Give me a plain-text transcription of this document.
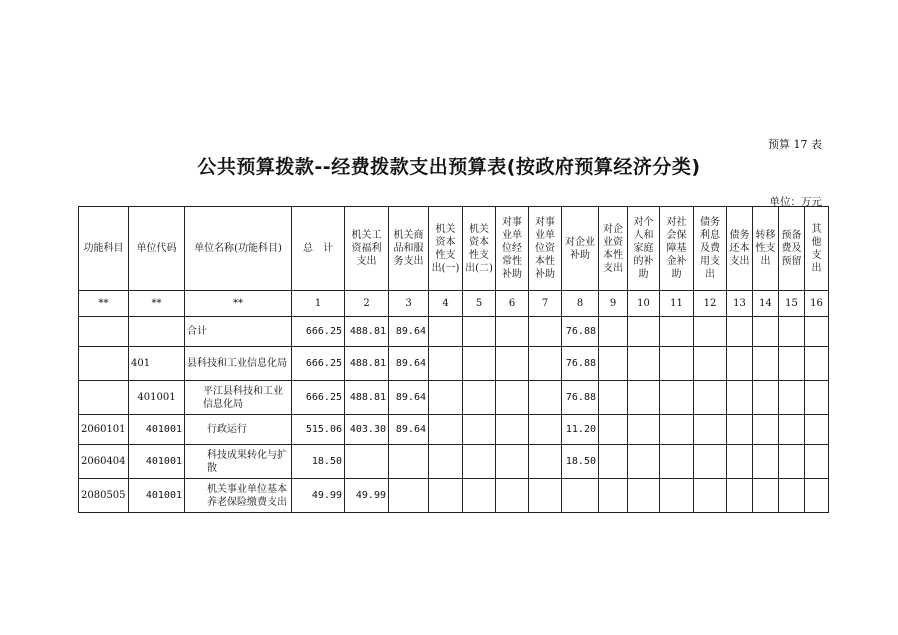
预算 17 表
公共预算拨款--经费拨款支出预算表(按政府预算经济分类)
单位：万元
功能科目	单位代码	单位名称(功能科目)	总　计	机关工资福利支出	机关商品和服务支出	机关资本性支出(一)	机关资本性支出(二)	对事业单位经常性补助	对事业单位资本性补助	对企业补助	对企业资本性支出	对个人和家庭的补助	对社会保障基金补助	债务利息及费用支出	债务还本支出	转移性支出	预备费及预留	其他支出
**	**	**	1	2	3	4	5	6	7	8	9	10	11	12	13	14	15	16
		合计	666.25	488.81	89.64					76.88								
	401	县科技和工业信息化局	666.25	488.81	89.64					76.88								
	401001	平江县科技和工业信息化局	666.25	488.81	89.64					76.88								
2060101	401001	行政运行	515.06	403.30	89.64					11.20								
2060404	401001	科技成果转化与扩散	18.50							18.50								
2080505	401001	机关事业单位基本养老保险缴费支出	49.99	49.99														
